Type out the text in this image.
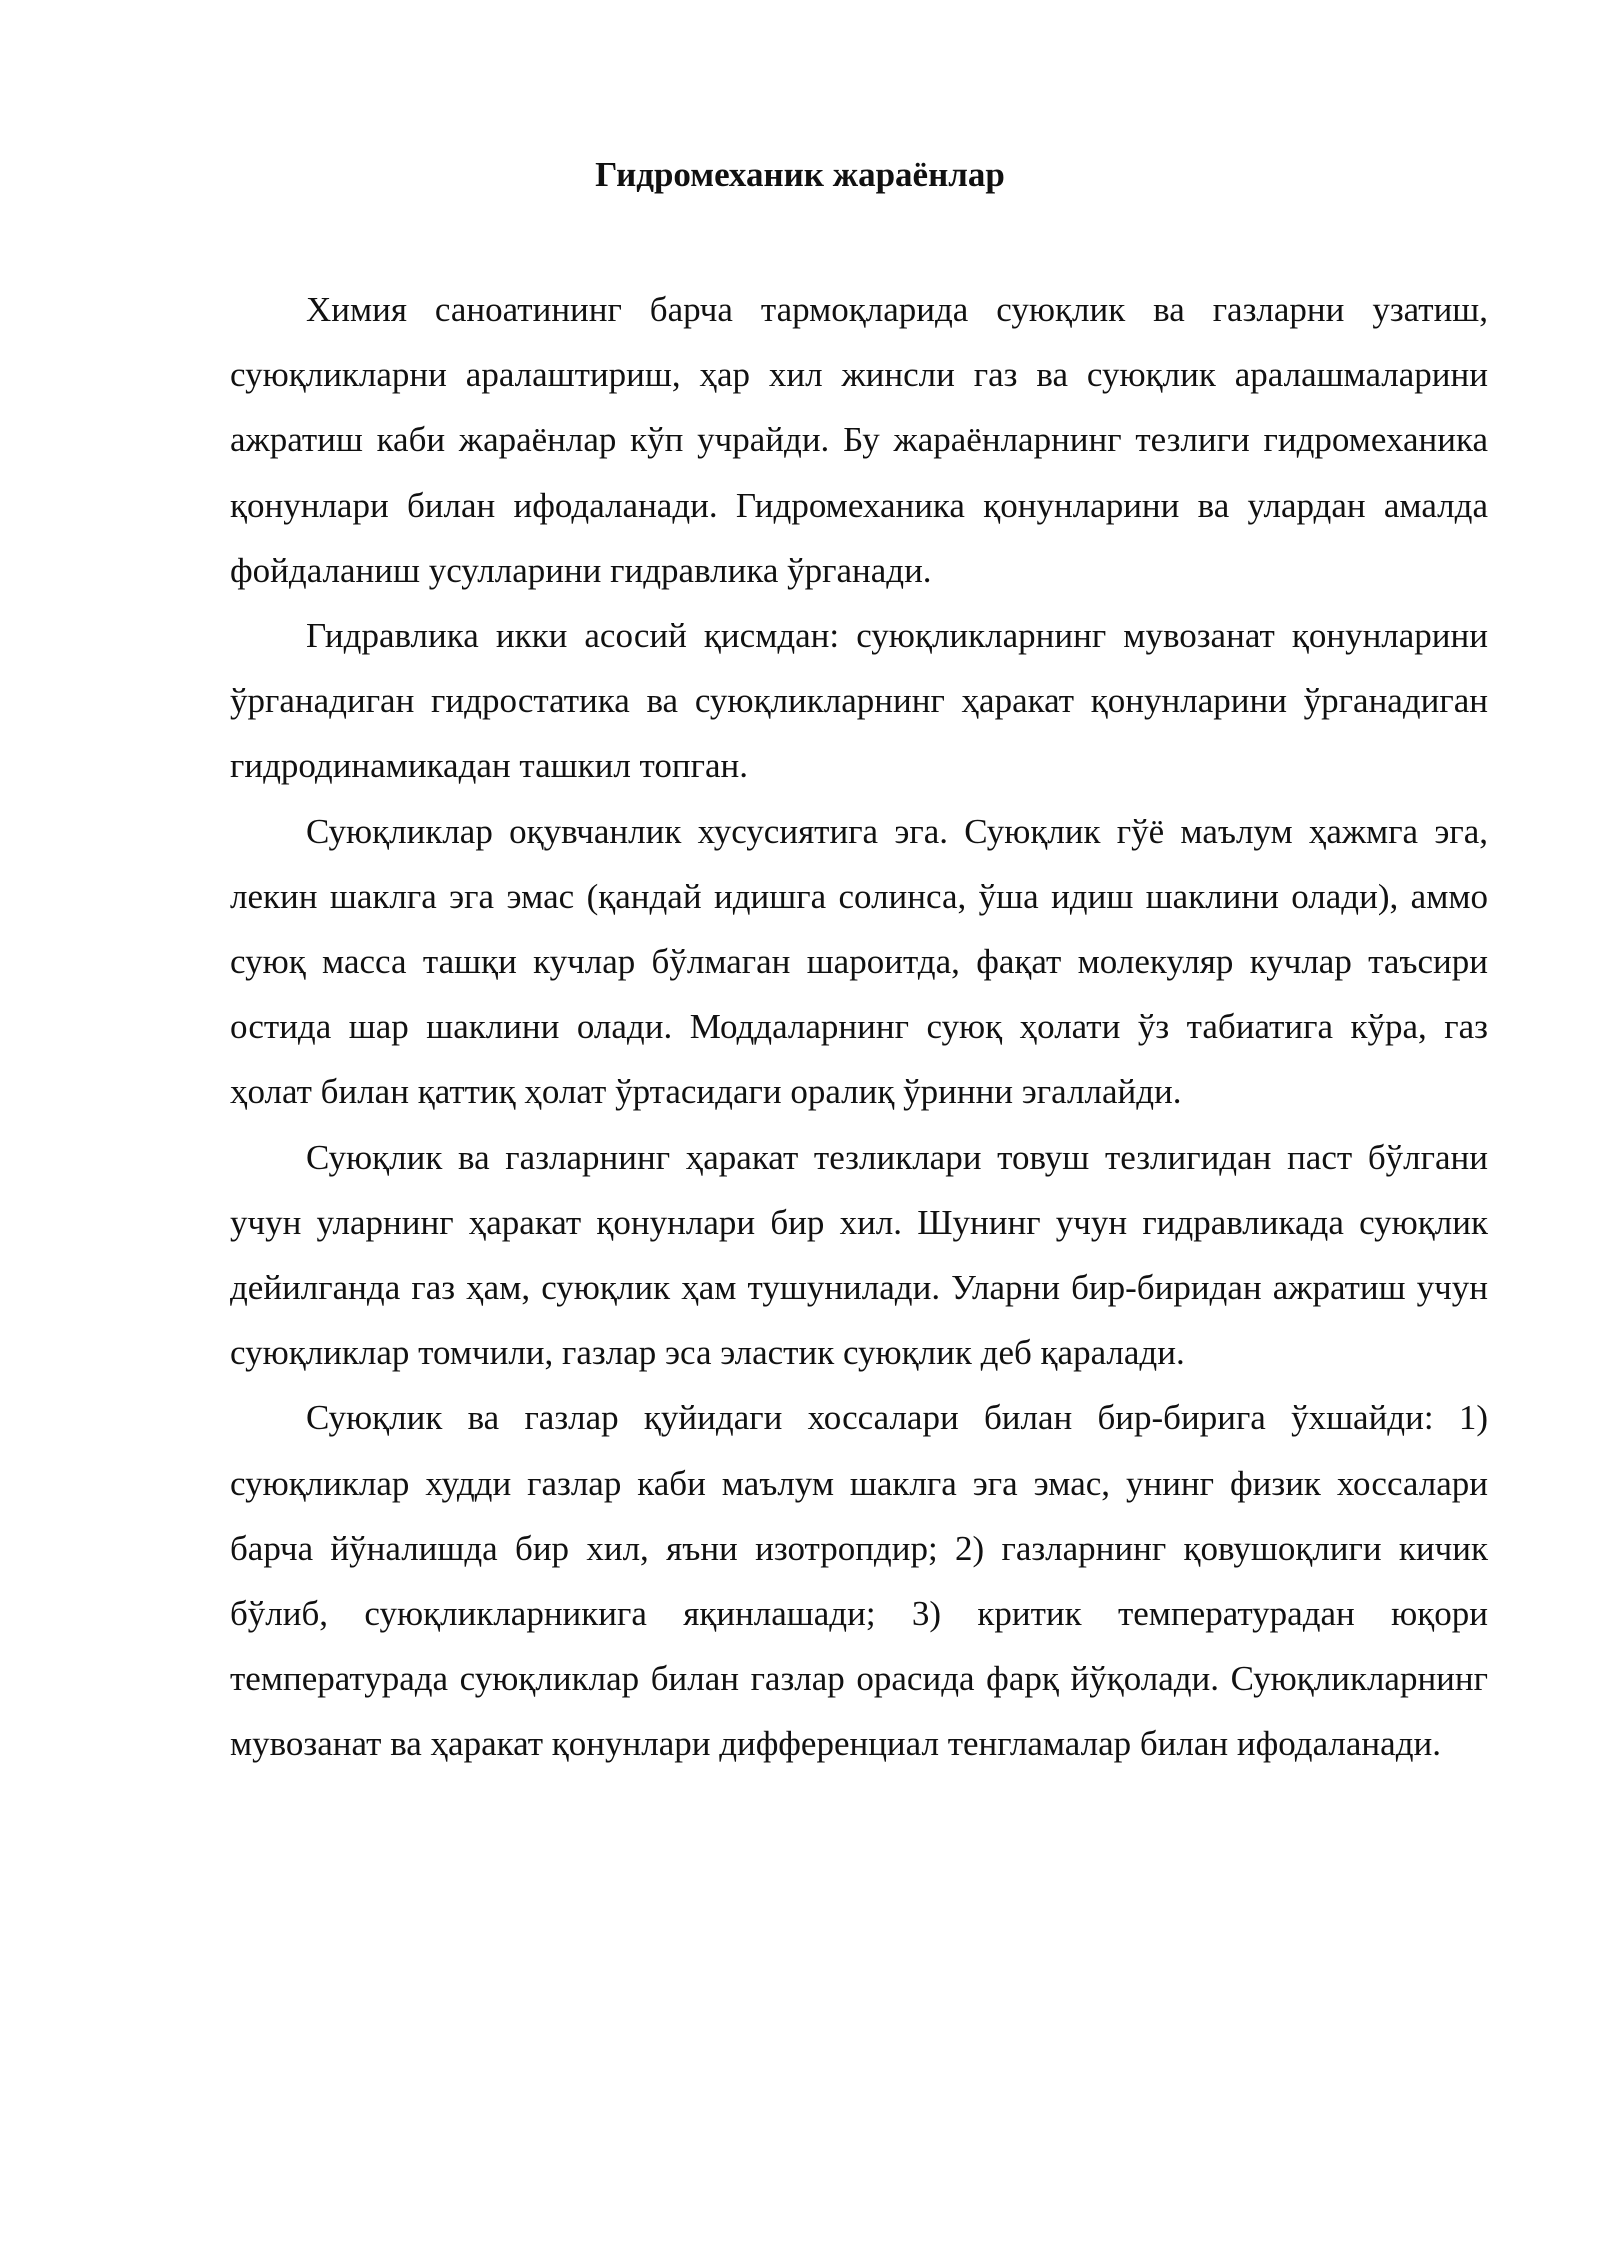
Гидромеханик жараёнлар

Химия саноатининг барча тармоқларида суюқлик ва газларни узатиш, суюқликларни аралаштириш, ҳар хил жинсли газ ва суюқлик аралашмаларини ажратиш каби жараёнлар кўп учрайди. Бу жараёнларнинг тезлиги гидромеханика қонунлари билан ифодаланади. Гидромеханика қонунларини ва улардан амалда фойдаланиш усулларини гидравлика ўрганади.

Гидравлика икки асосий қисмдан: суюқликларнинг мувозанат қонунларини ўрганадиган гидростатика ва суюқликларнинг ҳаракат қонунларини ўрганадиган гидродинамикадан ташкил топган.

Суюқликлар оқувчанлик хусусиятига эга. Суюқлик гўё маълум ҳажмга эга, лекин шаклга эга эмас (қандай идишга солинса, ўша идиш шаклини олади), аммо суюқ масса ташқи кучлар бўлмаган шароитда, фақат молекуляр кучлар таъсири остида шар шаклини олади. Моддаларнинг суюқ ҳолати ўз табиатига кўра, газ ҳолат билан қаттиқ ҳолат ўртасидаги оралиқ ўринни эгаллайди.

Суюқлик ва газларнинг ҳаракат тезликлари товуш тезлигидан паст бўлгани учун уларнинг ҳаракат қонунлари бир хил. Шунинг учун гидравликада суюқлик дейилганда газ ҳам, суюқлик ҳам тушунилади. Уларни бир-биридан ажратиш учун суюқликлар томчили, газлар эса эластик суюқлик деб қаралади.

Суюқлик ва газлар қуйидаги хоссалари билан бир-бирига ўхшайди: 1) суюқликлар худди газлар каби маълум шаклга эга эмас, унинг физик хоссалари барча йўналишда бир хил, яъни изотропдир; 2) газларнинг қовушоқлиги кичик бўлиб, суюқликларникига яқинлашади; 3) критик температурадан юқори температурада суюқликлар билан газлар орасида фарқ йўқолади. Суюқликларнинг мувозанат ва ҳаракат қонунлари дифференциал тенгламалар билан ифодаланади.
